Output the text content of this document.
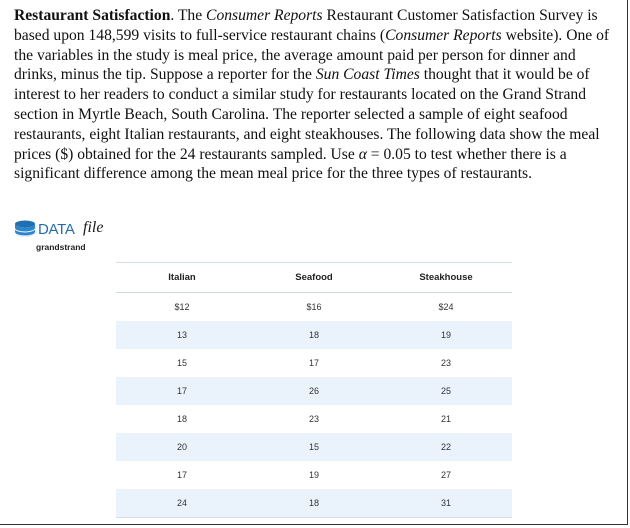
Restaurant Satisfaction. The Consumer Reports Restaurant Customer Satisfaction Survey is based upon 148,599 visits to full-service restaurant chains (Consumer Reports website). One of the variables in the study is meal price, the average amount paid per person for dinner and drinks, minus the tip. Suppose a reporter for the Sun Coast Times thought that it would be of interest to her readers to conduct a similar study for restaurants located on the Grand Strand section in Myrtle Beach, South Carolina. The reporter selected a sample of eight seafood restaurants, eight Italian restaurants, and eight steakhouses. The following data show the meal prices ($) obtained for the 24 restaurants sampled. Use α = 0.05 to test whether there is a significant difference among the mean meal price for the three types of restaurants.

DATA file
grandstrand
Italian	Seafood	Steakhouse
$12	$16	$24
13	18	19
15	17	23
17	26	25
18	23	21
20	15	22
17	19	27
24	18	31
